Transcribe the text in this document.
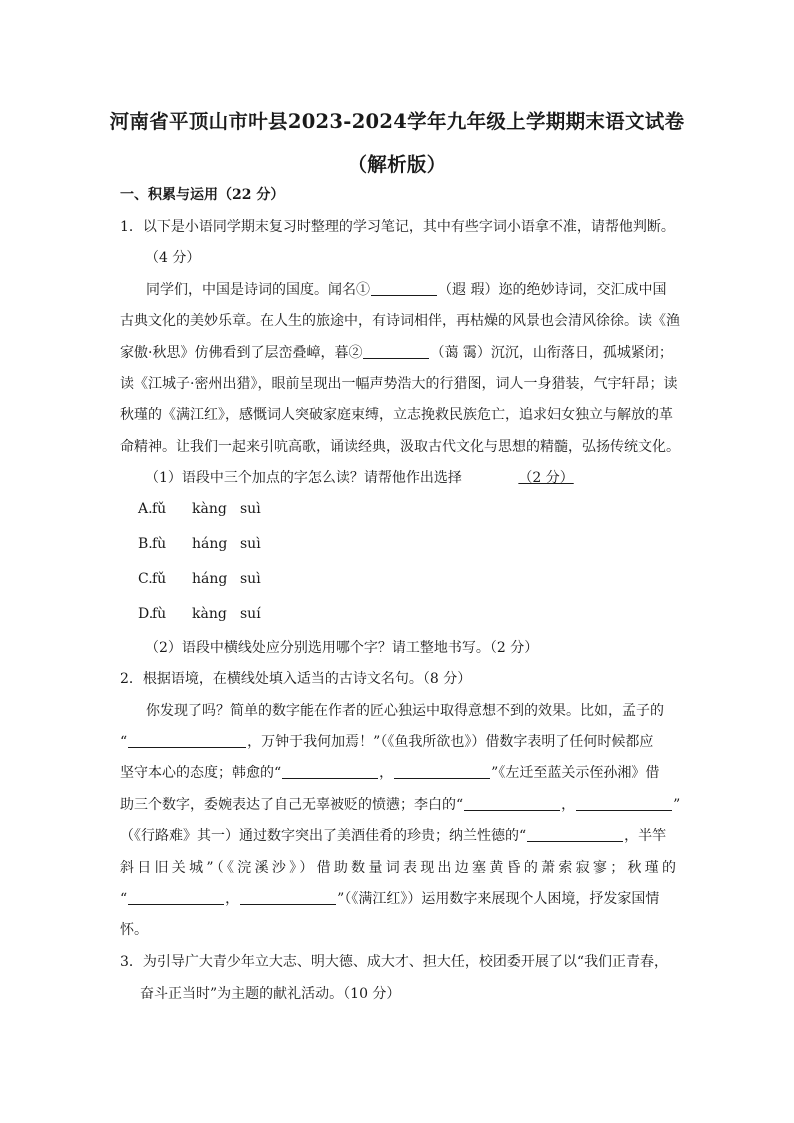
河南省平顶山市叶县2023-2024学年九年级上学期期末语文试卷
（解析版）
一、积累与运用（22 分）
1．以下是小语同学期末复习时整理的学习笔记，其中有些字词小语拿不准，请帮他判断。
（4 分）
同学们，中国是诗词的国度。闻名①	（遐 瑕）迩的绝妙诗词，交汇成中国
古典文化的美妙乐章。在人生的旅途中，有诗词相伴，再枯燥的风景也会清风徐徐。读《渔
家傲·秋思》仿佛看到了层峦叠嶂，暮②	（蔼 霭）沉沉，山衔落日，孤城紧闭；
读《江城子·密州出猎》，眼前呈现出一幅声势浩大的行猎图，词人一身猎装，气宇轩昂；读
秋瑾的《满江红》，感慨词人突破家庭束缚，立志挽救民族危亡，追求妇女独立与解放的革
命精神。让我们一起来引吭高歌，诵读经典，汲取古代文化与思想的精髓，弘扬传统文化。
（1）语段中三个加点的字怎么读？请帮他作出选择	（2 分）
A.fǔ kàng suì
B.fù háng suì
C.fǔ háng suì
D.fù kàng suí
（2）语段中横线处应分别选用哪个字？请工整地书写。（2 分）
2．根据语境，在横线处填入适当的古诗文名句。（8 分）
你发现了吗？简单的数字能在作者的匠心独运中取得意想不到的效果。比如，孟子的
“	，万钟于我何加焉！”（《鱼我所欲也》）借数字表明了任何时候都应
坚守本心的态度；韩愈的“	，	”《左迁至蓝关示侄孙湘》借
助三个数字，委婉表达了自己无辜被贬的愤懑；李白的“	，	”
（《行路难》其一）通过数字突出了美酒佳肴的珍贵；纳兰性德的“	，半竿
斜日旧关城”（《浣溪沙》）借助数量词表现出边塞黄昏的萧索寂寥；秋瑾的
“	，	”（《满江红》）运用数字来展现个人困境，抒发家国情
怀。
3．为引导广大青少年立大志、明大德、成大才、担大任，校团委开展了以“我们正青春，
奋斗正当时”为主题的献礼活动。（10 分）
